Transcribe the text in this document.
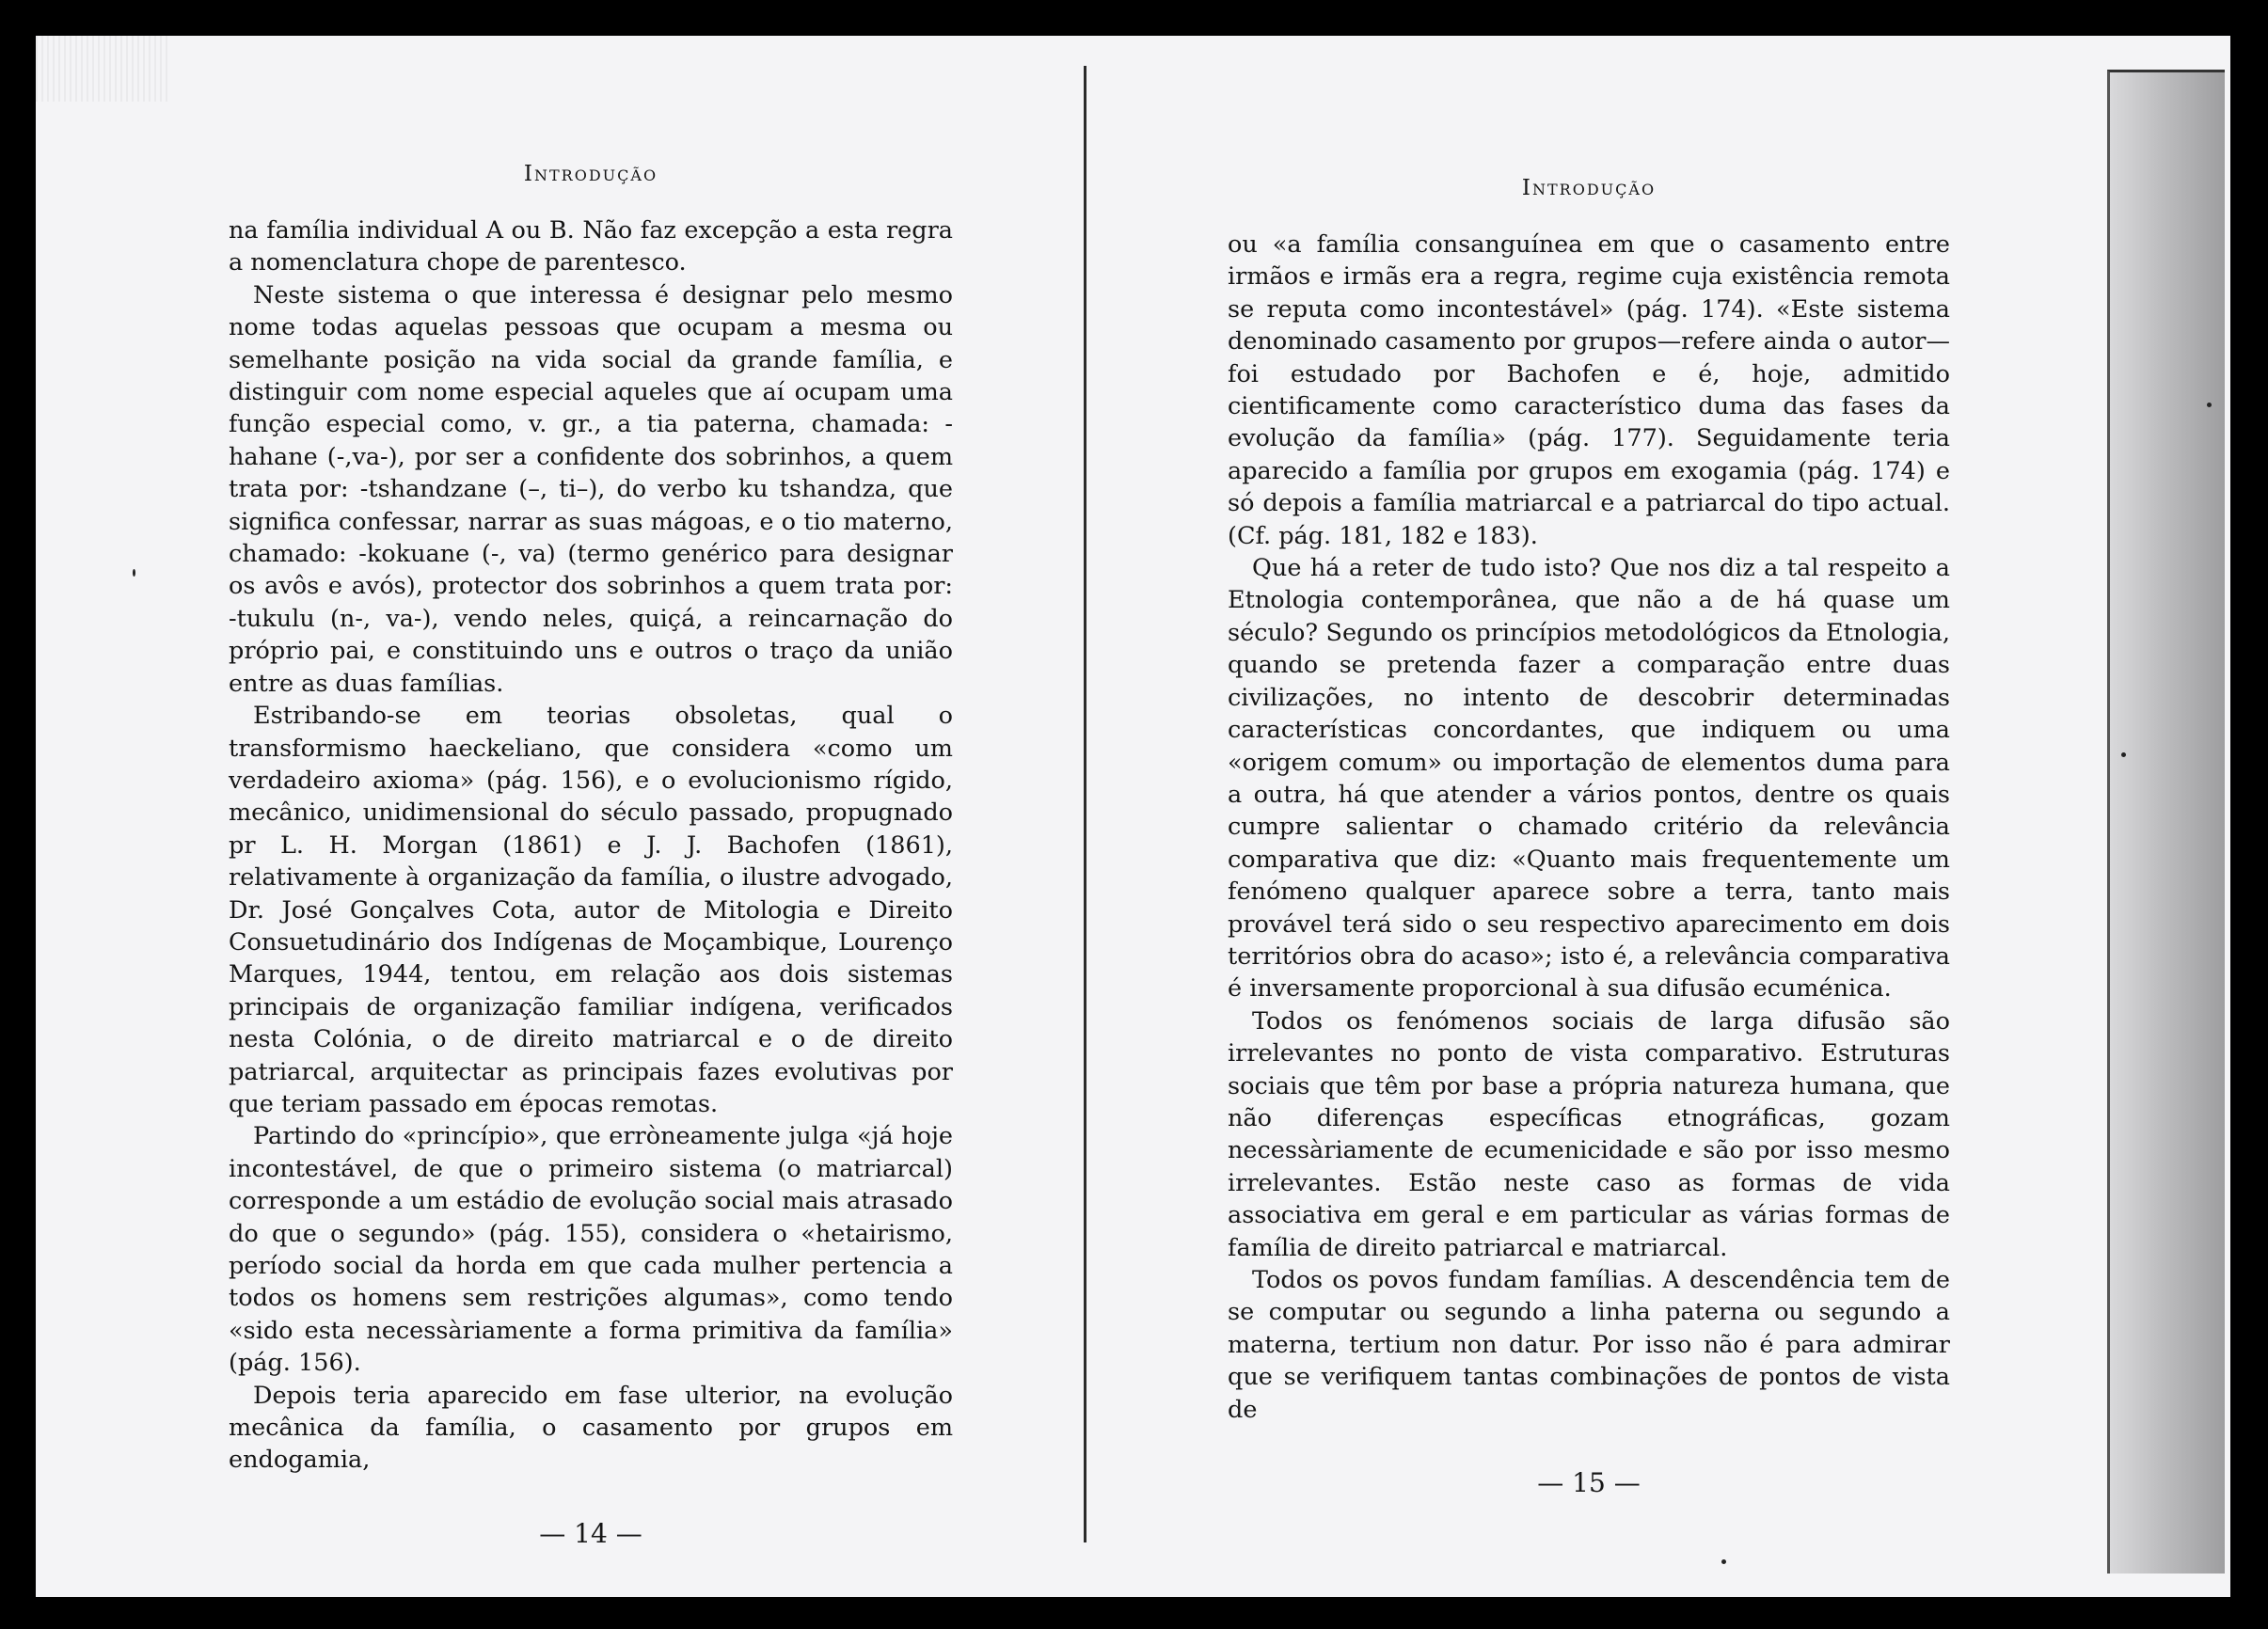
Introdução

na família individual A ou B. Não faz excepção a esta regra a nomenclatura chope de parentesco.

Neste sistema o que interessa é designar pelo mesmo nome todas aquelas pessoas que ocupam a mesma ou semelhante posição na vida social da grande família, e distinguir com nome especial aqueles que aí ocupam uma função especial como, v. gr., a tia paterna, chamada: -hahane (-,va-), por ser a confidente dos sobrinhos, a quem trata por: -tshandzane (–, ti–), do verbo ku tshandza, que significa confessar, narrar as suas mágoas, e o tio materno, chamado: -kokuane (-, va) (termo genérico para designar os avôs e avós), protector dos sobrinhos a quem trata por: -tukulu (n-, va-), vendo neles, quiçá, a reincarnação do próprio pai, e constituindo uns e outros o traço da união entre as duas famílias.

Estribando-se em teorias obsoletas, qual o transformismo haeckeliano, que considera «como um verdadeiro axioma» (pág. 156), e o evolucionismo rígido, mecânico, unidimensional do século passado, propugnado pr L. H. Morgan (1861) e J. J. Bachofen (1861), relativamente à organização da família, o ilustre advogado, Dr. José Gonçalves Cota, autor de Mitologia e Direito Consuetudinário dos Indígenas de Moçambique, Lourenço Marques, 1944, tentou, em relação aos dois sistemas principais de organização familiar indígena, verificados nesta Colónia, o de direito matriarcal e o de direito patriarcal, arquitectar as principais fazes evolutivas por que teriam passado em épocas remotas.

Partindo do «princípio», que errònеamente julga «já hoje incontestável, de que o primeiro sistema (o matriarcal) corresponde a um estádio de evolução social mais atrasado do que o segundo» (pág. 155), considera o «hetairismo, período social da horda em que cada mulher pertencia a todos os homens sem restrições algumas», como tendo «sido esta necessàriamente a forma primitiva da família» (pág. 156).

Depois teria aparecido em fase ulterior, na evolução mecânica da família, o casamento por grupos em endogamia,

— 14 —
Introdução

ou «a família consanguínea em que o casamento entre irmãos e irmãs era a regra, regime cuja existência remota se reputa como incontestável» (pág. 174). «Este sistema denominado casamento por grupos—refere ainda o autor—foi estudado por Bachofen e é, hoje, admitido cientificamente como característico duma das fases da evolução da família» (pág. 177). Seguidamente teria aparecido a família por grupos em exogamia (pág. 174) e só depois a família matriarcal e a patriarcal do tipo actual. (Cf. pág. 181, 182 e 183).

Que há a reter de tudo isto? Que nos diz a tal respeito a Etnologia contemporânea, que não a de há quase um século? Segundo os princípios metodológicos da Etnologia, quando se pretenda fazer a comparação entre duas civilizações, no intento de descobrir determinadas características concordantes, que indiquem ou uma «origem comum» ou importação de elementos duma para a outra, há que atender a vários pontos, dentre os quais cumpre salientar o chamado critério da relevância comparativa que diz: «Quanto mais frequentemente um fenómeno qualquer aparece sobre a terra, tanto mais provável terá sido o seu respectivo aparecimento em dois territórios obra do acaso»; isto é, a relevância comparativa é inversamente proporcional à sua difusão ecuménica.

Todos os fenómenos sociais de larga difusão são irrelevantes no ponto de vista comparativo. Estruturas sociais que têm por base a própria natureza humana, que não diferenças específicas etnográficas, gozam necessàriamente de ecumenicidade e são por isso mesmo irrelevantes. Estão neste caso as formas de vida associativa em geral e em particular as várias formas de família de direito patriarcal e matriarcal.

Todos os povos fundam famílias. A descendência tem de se computar ou segundo a linha paterna ou segundo a materna, tertium non datur. Por isso não é para admirar que se verifiquem tantas combinações de pontos de vista de

— 15 —
